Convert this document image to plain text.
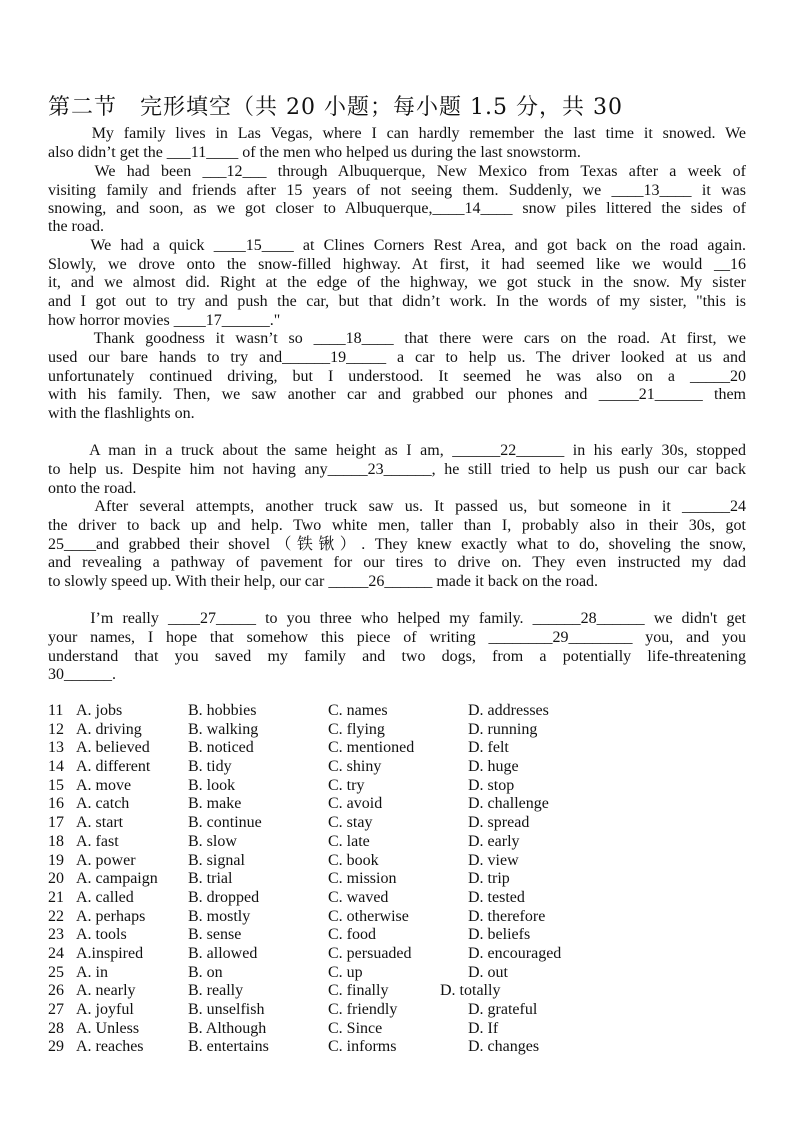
第二节　完形填空（共 20 小题；每小题 1.5 分，共 30
　　My family lives in Las Vegas, where I can hardly remember the last time it snowed. We
also didn’t get the ___11____ of the men who helped us during the last snowstorm.
　　We had been ___12___ through Albuquerque, New Mexico from Texas after a week of
visiting family and friends after 15 years of not seeing them. Suddenly, we ____13____ it was
snowing, and soon, as we got closer to Albuquerque,____14____ snow piles littered the sides of
the road.
　　We had a quick ____15____ at Clines Corners Rest Area, and got back on the road again.
Slowly, we drove onto the snow-filled highway. At first, it had seemed like we would __16
it, and we almost did. Right at the edge of the highway, we got stuck in the snow. My sister
and I got out to try and push the car, but that didn’t work. In the words of my sister, "this is
how horror movies ____17______."
　　Thank goodness it wasn’t so ____18____ that there were cars on the road. At first, we
used our bare hands to try and______19_____ a car to help us. The driver looked at us and
unfortunately continued driving, but I understood. It seemed he was also on a _____20
with his family. Then, we saw another car and grabbed our phones and _____21______ them
with the flashlights on.
　　A man in a truck about the same height as I am, ______22______ in his early 30s, stopped
to help us. Despite him not having any_____23______, he still tried to help us push our car back
onto the road.
　　After several attempts, another truck saw us. It passed us, but someone in it ______24
the driver to back up and help. Two white men, taller than I, probably also in their 30s, got
25____and grabbed their shovel（铁锹）. They knew exactly what to do, shoveling the snow,
and revealing a pathway of pavement for our tires to drive on. They even instructed my dad
to slowly speed up. With their help, our car _____26______ made it back on the road.
　　I’m really ____27_____ to you three who helped my family. ______28______ we didn't get
your names, I hope that somehow this piece of writing ________29________ you, and you
understand that you saved my family and two dogs, from a potentially life-threatening
30______.
11 A. jobs	B. hobbies	C. names	D. addresses
12 A. driving	B. walking	C. flying	D. running
13 A. believed B. noticed	C. mentioned	D. felt
14 A. different B. tidy	C. shiny	D. huge
15 A. move	B. look	C. try	D. stop
16 A. catch	B. make	C. avoid	D. challenge
17 A. start	B. continue	C. stay	D. spread
18 A. fast	B. slow	C. late	D. early
19 A. power	B. signal	C. book	D. view
20 A. campaign B. trial	C. mission	D. trip
21 A. called	B. dropped	C. waved	D. tested
22 A. perhaps	B. mostly	C. otherwise	D. therefore
23 A. tools	B. sense	C. food	D. beliefs
24 A.inspired	B. allowed	C. persuaded	D. encouraged
25 A. in	B. on	C. up	D. out
26 A. nearly	B. really	C. finally	D. totally
27 A. joyful	B. unselfish	C. friendly	D. grateful
28 A. Unless	B. Although	C. Since	D. If
29 A. reaches	B. entertains	C. informs	D. changes
